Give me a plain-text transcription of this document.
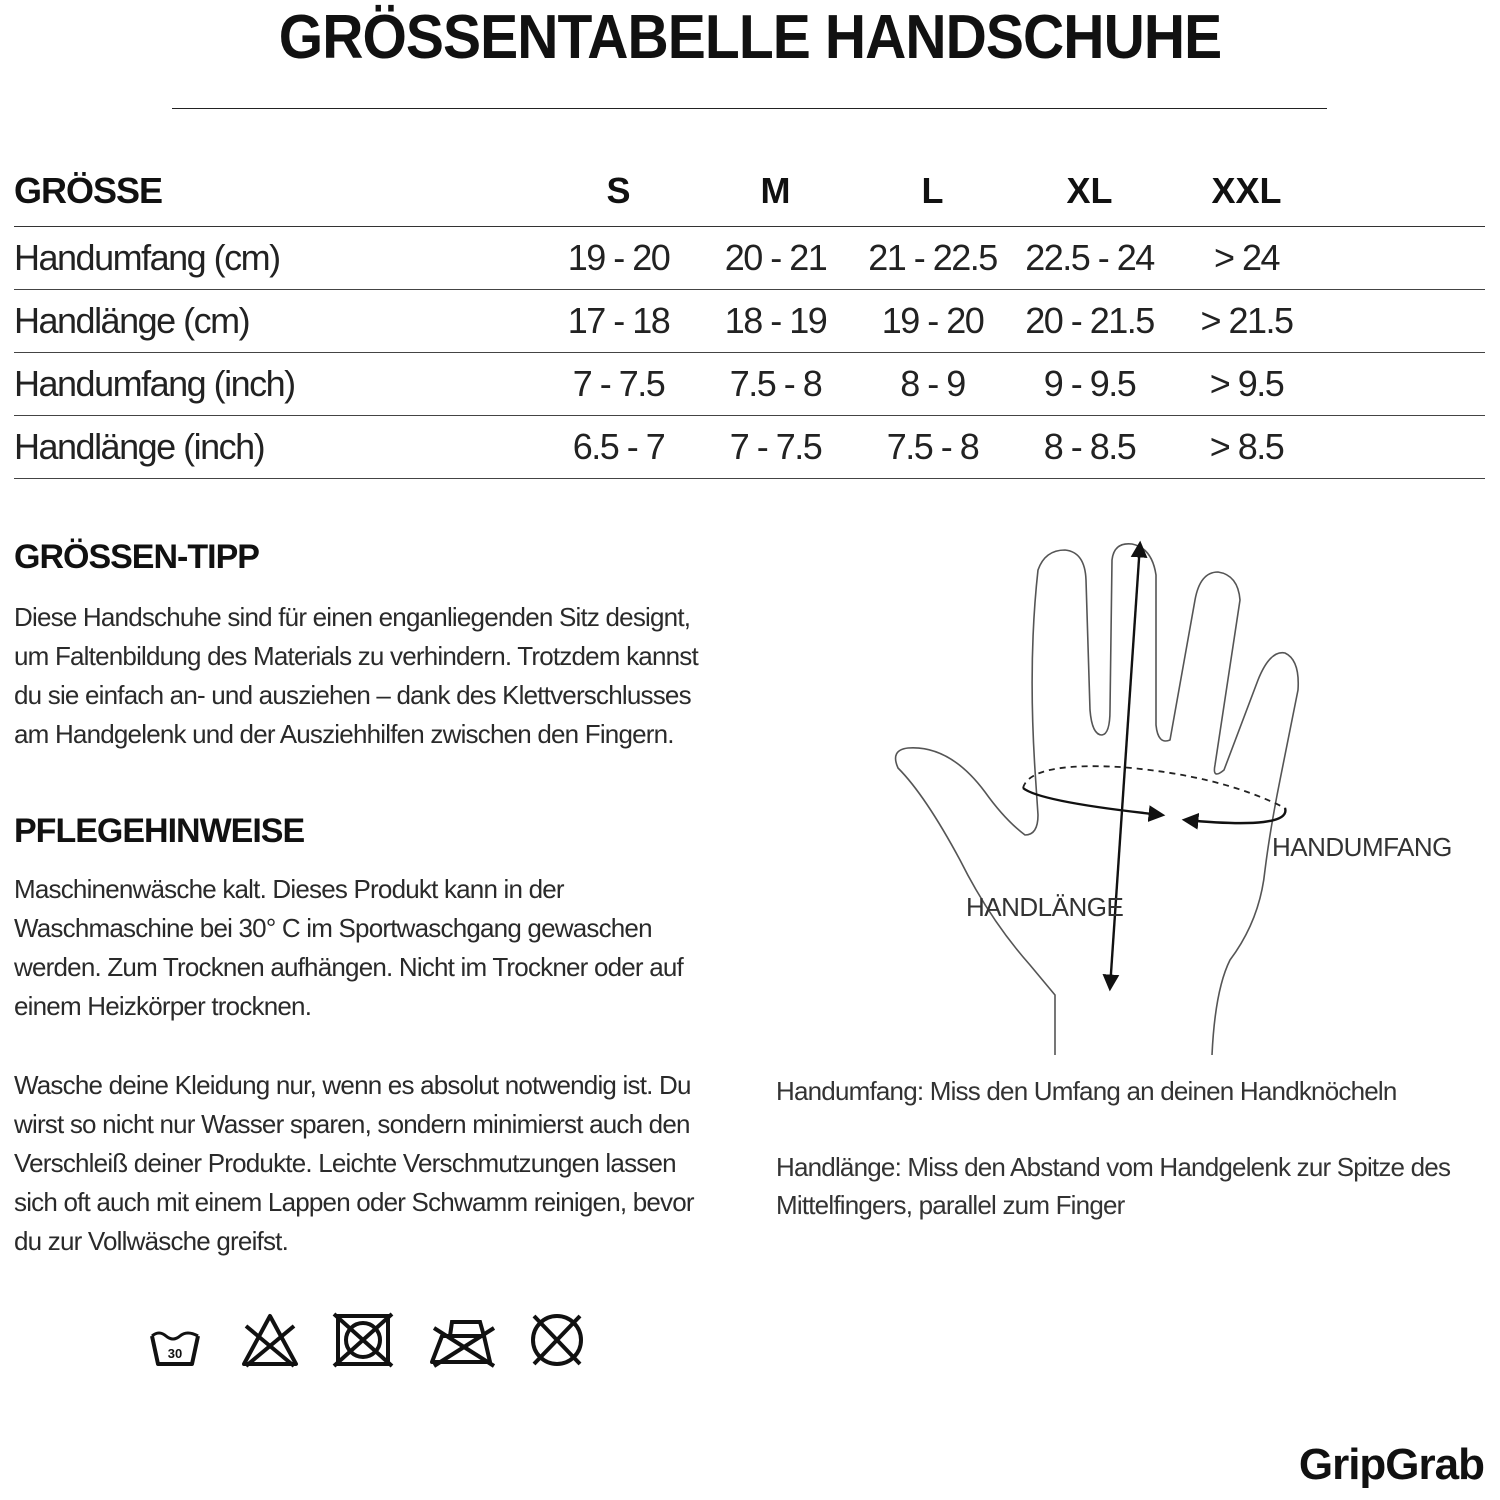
GRÖSSENTABELLE HANDSCHUHE
GRÖSSE	S	M	L	XL	XXL	
Handumfang (cm)	19 - 20	20 - 21	21 - 22.5	22.5 - 24	> 24	
Handlänge (cm)	17 - 18	18 - 19	19 - 20	20 - 21.5	> 21.5	
Handumfang (inch)	7 - 7.5	7.5 - 8	8 - 9	9 - 9.5	> 9.5	
Handlänge (inch)	6.5 - 7	7 - 7.5	7.5 - 8	8 - 8.5	> 8.5	
GRÖSSEN-TIPP
Diese Handschuhe sind für einen enganliegenden Sitz designt, um Faltenbildung des Materials zu verhindern. Trotzdem kannst du sie einfach an- und ausziehen – dank des Klettverschlusses am Handgelenk und der Ausziehhilfen zwischen den Fingern.
PFLEGEHINWEISE
Maschinenwäsche kalt. Dieses Produkt kann in der Waschmaschine bei 30° C im Sportwaschgang gewaschen werden. Zum Trocknen aufhängen. Nicht im Trockner oder auf einem Heizkörper trocknen.
Wasche deine Kleidung nur, wenn es absolut notwendig ist. Du wirst so nicht nur Wasser sparen, sondern minimierst auch den Verschleiß deiner Produkte. Leichte Verschmutzungen lassen sich oft auch mit einem Lappen oder Schwamm reinigen, bevor du zur Vollwäsche greifst.
30
HANDUMFANG
HANDLÄNGE
Handumfang: Miss den Umfang an deinen Handknöcheln
Handlänge: Miss den Abstand vom Handgelenk zur Spitze des Mittelfingers, parallel zum Finger
GripGrab
